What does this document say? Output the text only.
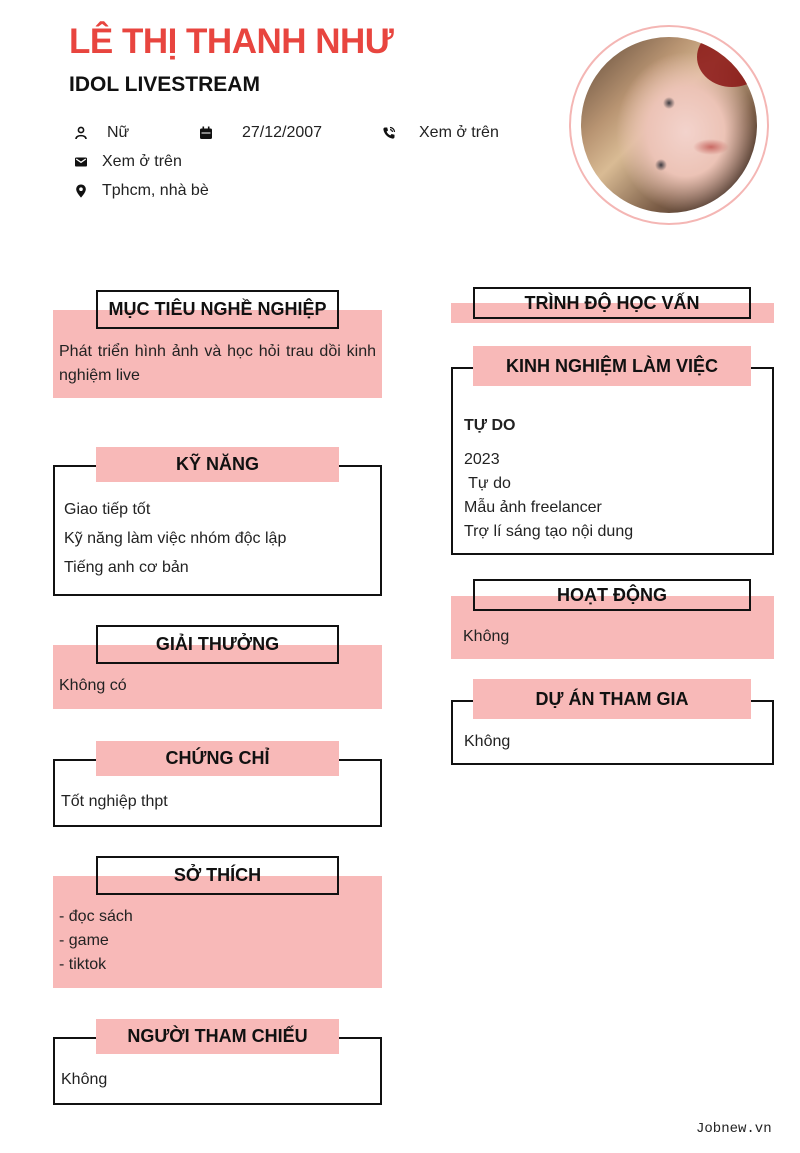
LÊ THỊ THANH NHƯ
IDOL LIVESTREAM
Nữ	27/12/2007	Xem ở trên
Xem ở trên
Tphcm, nhà bè
MỤC TIÊU NGHỀ NGHIỆP
Phát triển hình ảnh và học hỏi trau dồi kinh nghiệm live
KỸ NĂNG

Giao tiếp tốt

Kỹ năng làm việc nhóm độc lập

Tiếng anh cơ bản

GIẢI THƯỞNG
Không có
CHỨNG CHỈ
Tốt nghiệp thpt
SỞ THÍCH

- đọc sách

- game

- tiktok

NGƯỜI THAM CHIẾU
Không
TRÌNH ĐỘ HỌC VẤN
KINH NGHIỆM LÀM VIỆC
TỰ DO

2023

Tự do

Mẫu ảnh freelancer

Trợ lí sáng tạo nội dung

HOẠT ĐỘNG
Không
DỰ ÁN THAM GIA
Không
Jobnew.vn
